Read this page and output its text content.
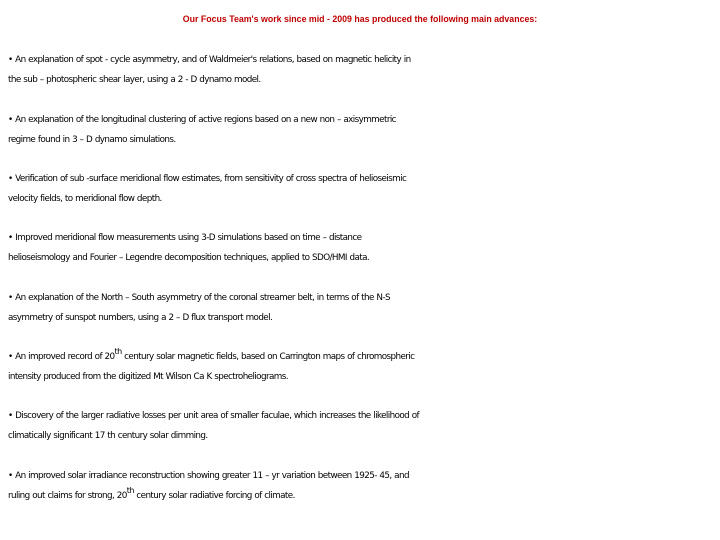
Our Focus Team's work since mid - 2009 has produced the following main advances:
• An explanation of spot - cycle asymmetry, and of Waldmeier's relations, based on magnetic helicity in
the sub – photospheric shear layer, using a 2 - D dynamo model.
• An explanation of the longitudinal clustering of active regions based on a new non – axisymmetric
regime found in 3 – D dynamo simulations.
• Verification of sub -surface meridional flow estimates, from sensitivity of cross spectra of helioseismic
velocity fields, to meridional flow depth.
• Improved meridional flow measurements using 3-D simulations based on time – distance
helioseismology and Fourier – Legendre decomposition techniques, applied to SDO/HMI data.
• An explanation of the North – South asymmetry of the coronal streamer belt, in terms of the N-S
asymmetry of sunspot numbers, using a 2 – D flux transport model.
• An improved record of 20th century solar magnetic fields, based on Carrington maps of chromospheric
intensity produced from the digitized Mt Wilson Ca K spectroheliograms.
• Discovery of the larger radiative losses per unit area of smaller faculae, which increases the likelihood of
climatically significant 17 th century solar dimming.
• An improved solar irradiance reconstruction showing greater 11 – yr variation between 1925- 45, and
ruling out claims for strong, 20th century solar radiative forcing of climate.
